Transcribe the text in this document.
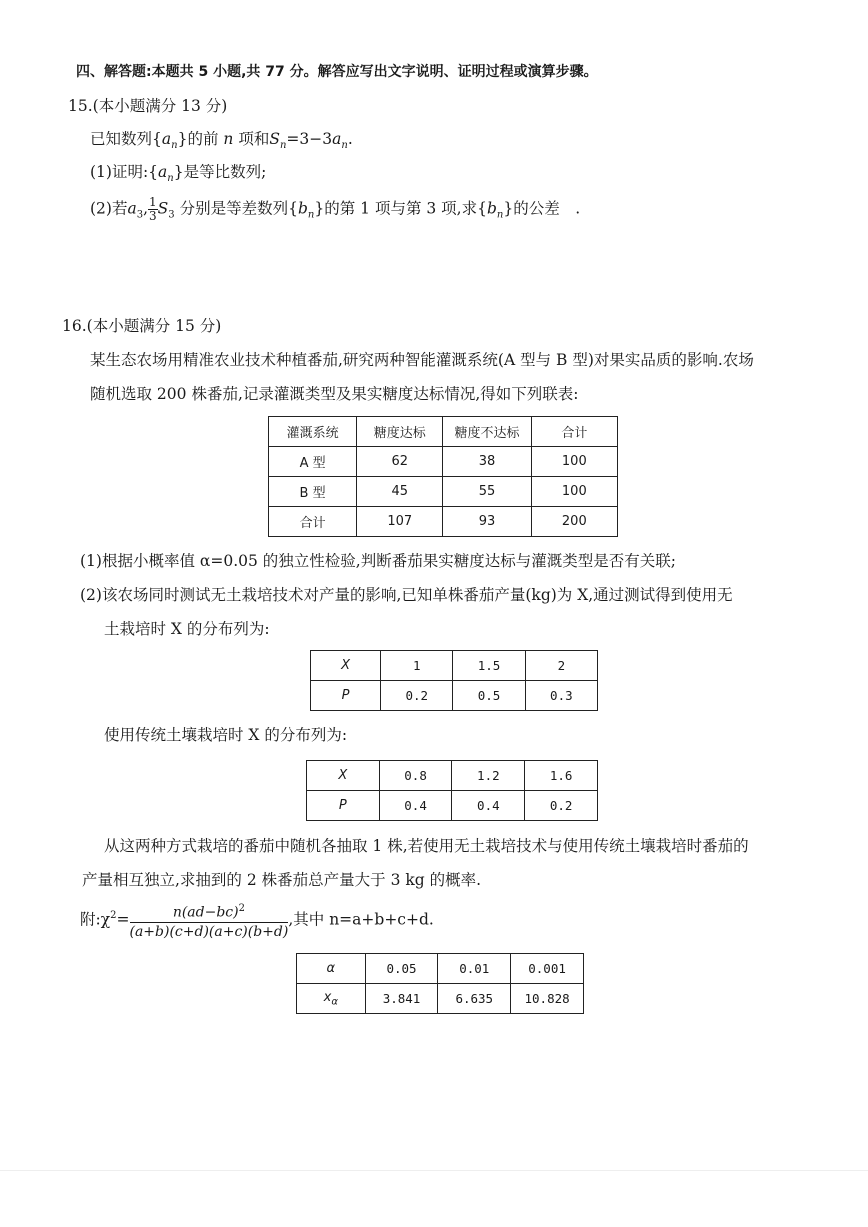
四、解答题:本题共 5 小题,共 77 分。解答应写出文字说明、证明过程或演算步骤。
15.(本小题满分 13 分)
已知数列$\{a_n\}$的前 n 项和$S_n=3-3a_n$.
(1)证明$:\{a_n\}$是等比数列;
(2)若$a_3$, $\frac{1}{3} S_3$ 分别是等差数列$\{b_n\}$的第 1 项与第 3 项,求$\{b_n\}$的公差　.
16.(本小题满分 15 分)
某生态农场用精准农业技术种植番茄,研究两种智能灌溉系统(A 型与 B 型)对果实品质的影响.农场
随机选取 200 株番茄,记录灌溉类型及果实糖度达标情况,得如下列联表:
灌溉系统	糖度达标	糖度不达标	合计
A 型	62	38	100
B 型	45	55	100
合计	107	93	200
(1)根据小概率值 α=0.05 的独立性检验,判断番茄果实糖度达标与灌溉类型是否有关联;
(2)该农场同时测试无土栽培技术对产量的影响,已知单株番茄产量(kg)为 X,通过测试得到使用无
土栽培时 X 的分布列为:
X	1	1.5	2
P	0.2	0.5	0.3
使用传统土壤栽培时 X 的分布列为:
X	0.8	1.2	1.6
P	0.4	0.4	0.2
从这两种方式栽培的番茄中随机各抽取 1 株,若使用无土栽培技术与使用传统土壤栽培时番茄的
产量相互独立,求抽到的 2 株番茄总产量大于 3 kg 的概率.
附$:\chi^2= \frac{n(ad-bc)^2}{(a+b)(c+d)(a+c)(b+d)}$ ,其中 n=a+b+c+d.
α	0.05	0.01	0.001
$x_\alpha$	3.841	6.635	10.828
